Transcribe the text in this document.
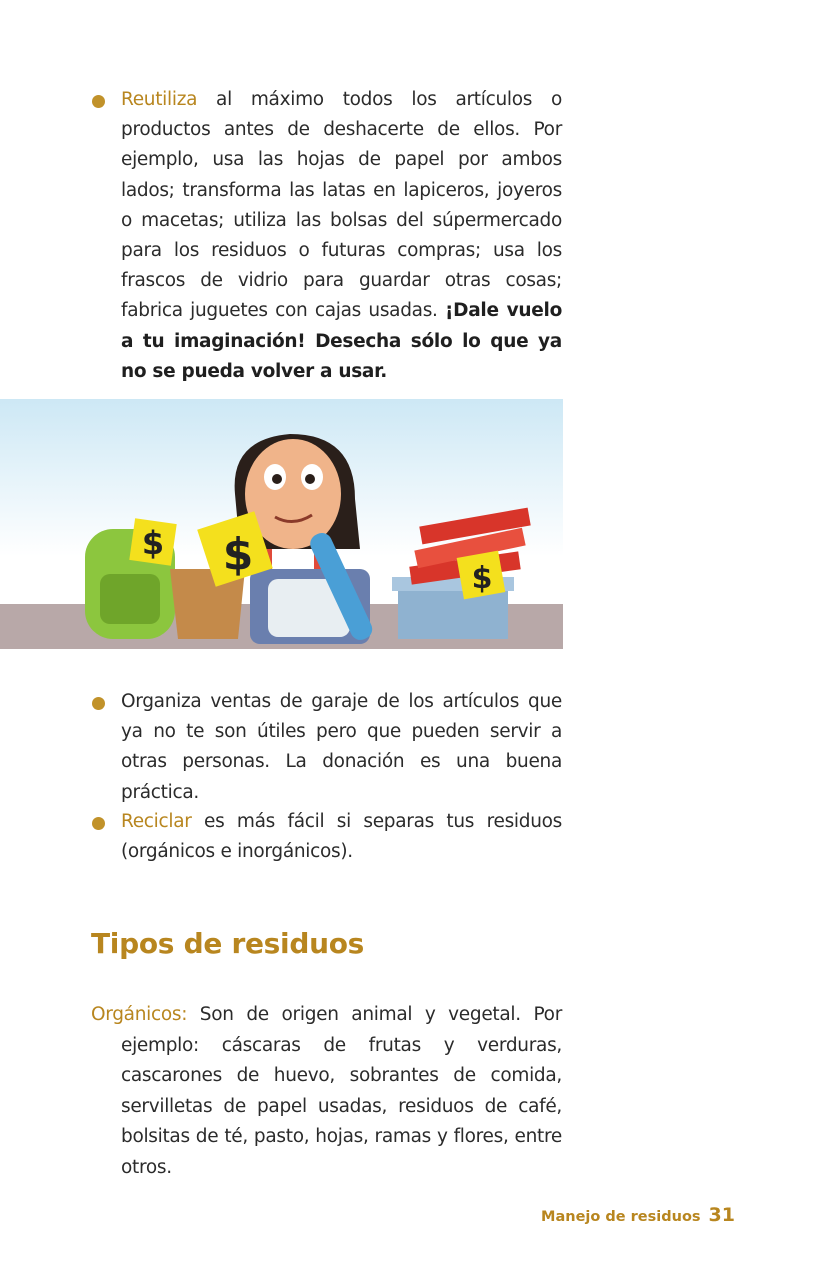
Reutiliza al máximo todos los artículos o productos antes de deshacerte de ellos. Por ejemplo, usa las hojas de papel por ambos lados; transforma las latas en lapiceros, joyeros o macetas; utiliza las bolsas del súpermercado para los residuos o futuras compras; usa los frascos de vidrio para guardar otras cosas; fabrica juguetes con cajas usadas. ¡Dale vuelo a tu imaginación! Desecha sólo lo que ya no se pueda volver a usar.

$ $	$

Organiza ventas de garaje de los artículos que ya no te son útiles pero que pueden servir a otras personas. La donación es una buena práctica.

Reciclar es más fácil si separas tus residuos (orgánicos e inorgánicos).

Tipos de residuos

Orgánicos: Son de origen animal y vegetal. Por ejemplo: cáscaras de frutas y verduras, cascarones de huevo, sobrantes de comida, servilletas de papel usadas, residuos de café, bolsitas de té, pasto, hojas, ramas y flores, entre otros.

Manejo de residuos 31
